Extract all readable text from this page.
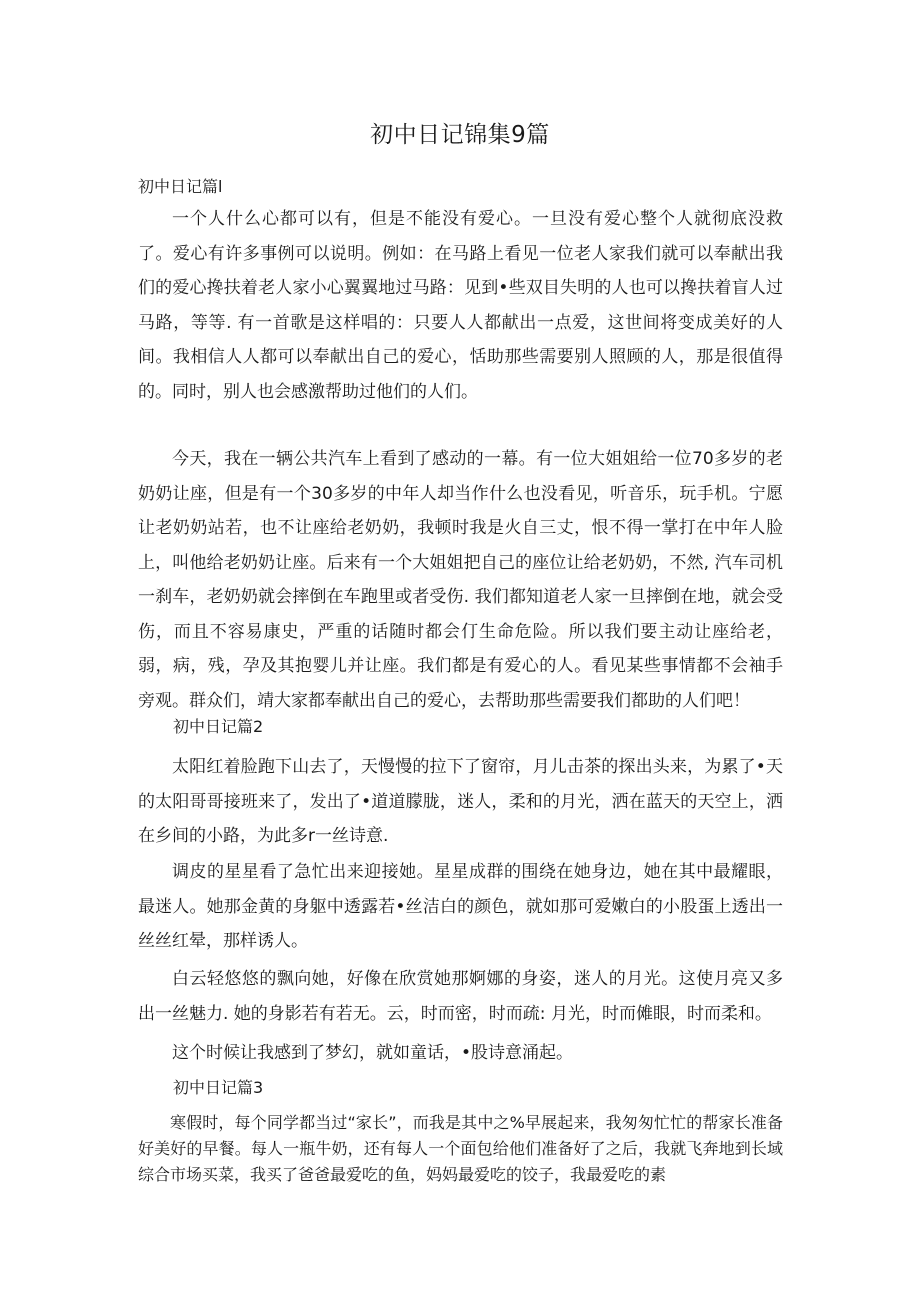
初中日记锦集9篇
初中日记篇l

一个人什么心都可以有，但是不能没有爱心。一旦没有爱心整个人就彻底没救了。爱心有许多事例可以说明。例如：在马路上看见一位老人家我们就可以奉献出我们的爱心搀扶着老人家小心翼翼地过马路：见到•些双目失明的人也可以搀扶着盲人过马路，等等. 有一首歌是这样唱的：只要人人都献出一点爱，这世间将变成美好的人间。我相信人人都可以奉献出自己的爱心，恬助那些需要别人照顾的人，那是很值得的。同时，别人也会感激帮助过他们的人们。

今天，我在一辆公共汽车上看到了感动的一幕。有一位大姐姐给一位70多岁的老奶奶让座，但是有一个30多岁的中年人却当作什么也没看见，听音乐，玩手机。宁愿让老奶奶站若，也不让座给老奶奶，我顿时我是火自三丈，恨不得一掌打在中年人脸上，叫他给老奶奶让座。后来有一个大姐姐把自己的座位让给老奶奶，不然, 汽车司机一刹车，老奶奶就会摔倒在车跑里或者受伤. 我们都知道老人家一旦摔倒在地，就会受伤，而且不容易康史，严重的话随时都会仃生命危险。所以我们要主动让座给老，弱，病，残，孕及其抱婴儿并让座。我们都是有爱心的人。看见某些事情都不会袖手旁观。群众们，靖大家都奉献出自己的爱心，去帮助那些需要我们都助的人们吧！

初中日记篇2

太阳红着脸跑下山去了，天慢慢的拉下了窗帘，月儿击茶的探出头来，为累了•天的太阳哥哥接班来了，发出了•道道朦胧，迷人，柔和的月光，洒在蓝天的天空上，洒在乡间的小路，为此多r一丝诗意.

调皮的星星看了急忙出来迎接她。星星成群的围绕在她身边，她在其中最耀眼，最迷人。她那金黄的身躯中透露若•丝洁白的颜色，就如那可爱嫩白的小股蛋上透出一丝丝红晕，那样诱人。

白云轻悠悠的飘向她，好像在欣赏她那婀娜的身姿，迷人的月光。这使月亮又多出一丝魅力. 她的身影若有若无。云，时而密，时而疏: 月光，时而傩眼，时而柔和。

这个时候让我感到了梦幻，就如童话，•股诗意涌起。

初中日记篇3

寒假时，每个同学都当过“家长”，而我是其中之%早展起来，我匆匆忙忙的帮家长准备好美好的早餐。每人一瓶牛奶，还有每人一个面包给他们准备好了之后，我就飞奔地到长域综合市场买菜，我买了爸爸最爱吃的鱼，妈妈最爱吃的饺子，我最爱吃的素
